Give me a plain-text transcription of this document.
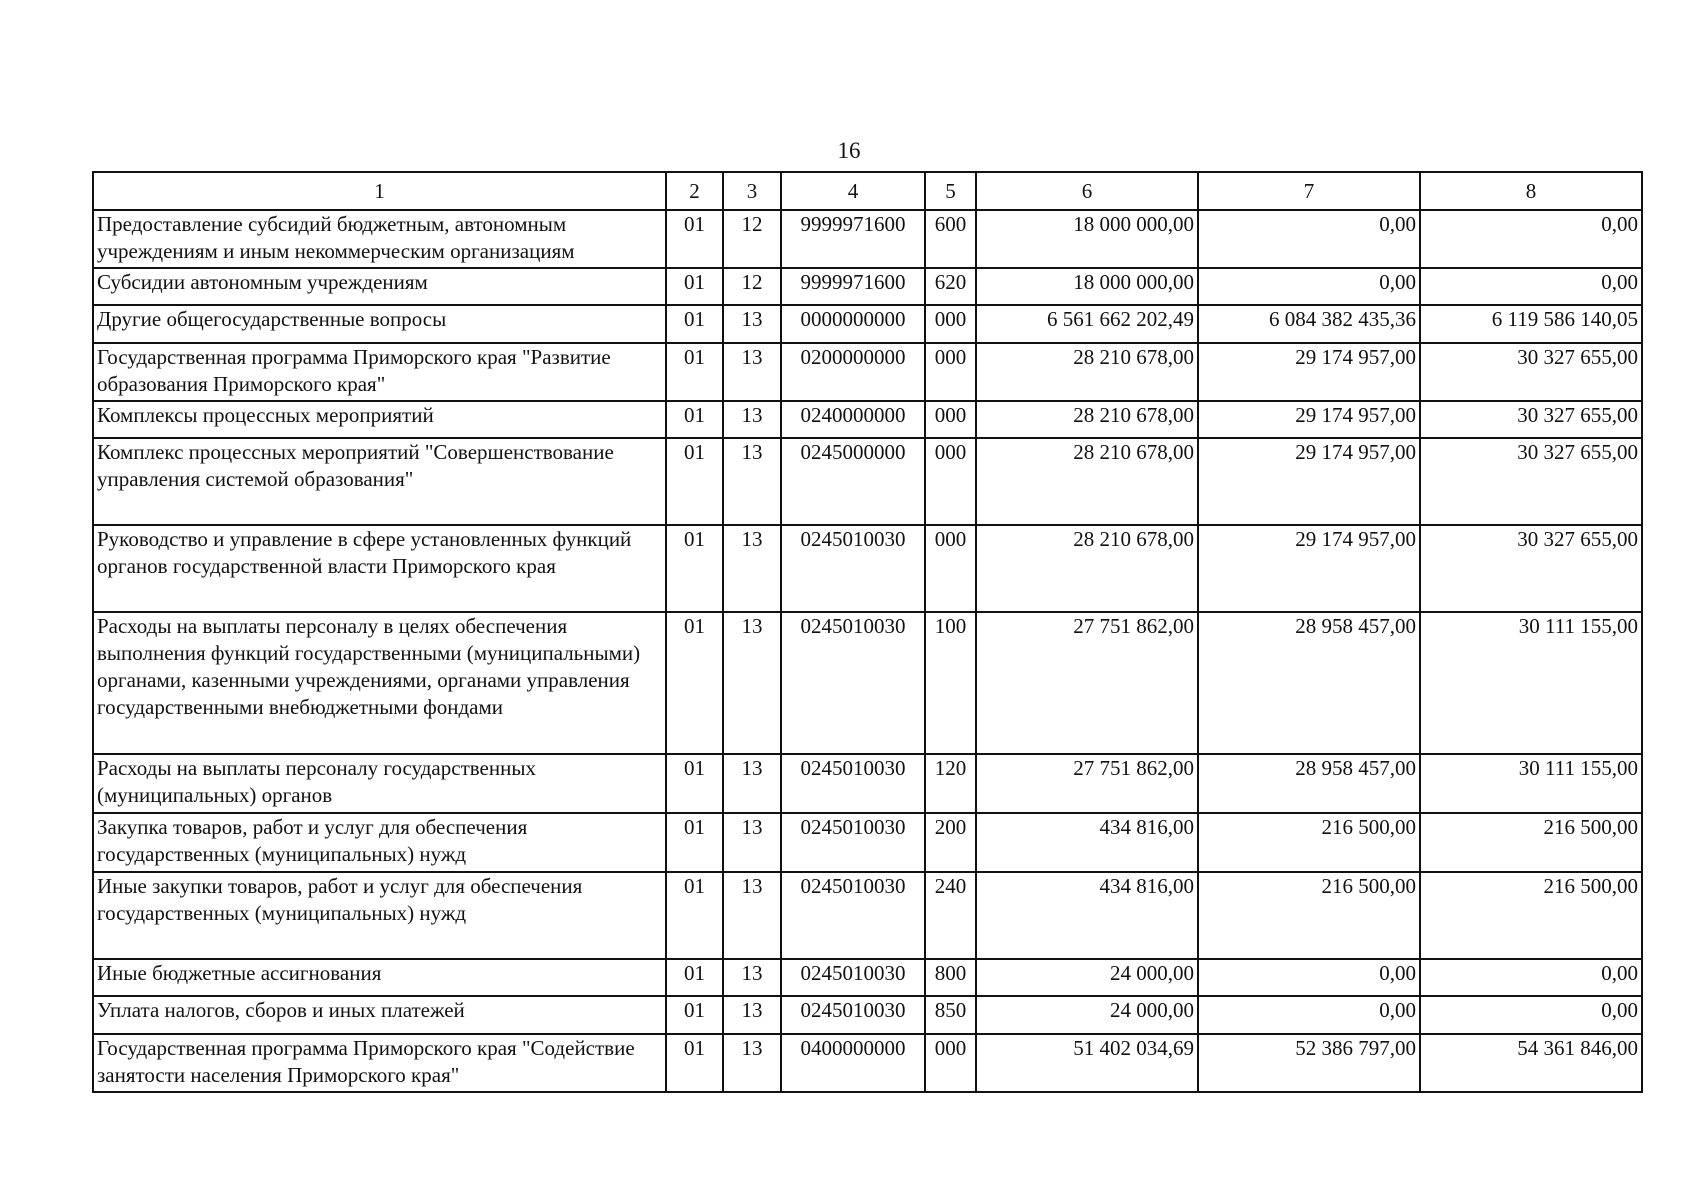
16
1	2	3	4	5	6	7	8
Предоставление субсидий бюджетным, автономным учреждениям и иным некоммерческим организациям	01	12	9999971600	600	18 000 000,00	0,00	0,00
Субсидии автономным учреждениям	01	12	9999971600	620	18 000 000,00	0,00	0,00
Другие общегосударственные вопросы	01	13	0000000000	000	6 561 662 202,49	6 084 382 435,36	6 119 586 140,05
Государственная программа Приморского края "Развитие образования Приморского края"	01	13	0200000000	000	28 210 678,00	29 174 957,00	30 327 655,00
Комплексы процессных мероприятий	01	13	0240000000	000	28 210 678,00	29 174 957,00	30 327 655,00
Комплекс процессных мероприятий "Совершенствование управления системой образования"	01	13	0245000000	000	28 210 678,00	29 174 957,00	30 327 655,00
Руководство и управление в сфере установленных функций органов государственной власти Приморского края	01	13	0245010030	000	28 210 678,00	29 174 957,00	30 327 655,00
Расходы на выплаты персоналу в целях обеспечения выполнения функций государственными (муниципальными) органами, казенными учреждениями, органами управления государственными внебюджетными фондами	01	13	0245010030	100	27 751 862,00	28 958 457,00	30 111 155,00
Расходы на выплаты персоналу государственных (муниципальных) органов	01	13	0245010030	120	27 751 862,00	28 958 457,00	30 111 155,00
Закупка товаров, работ и услуг для обеспечения государственных (муниципальных) нужд	01	13	0245010030	200	434 816,00	216 500,00	216 500,00
Иные закупки товаров, работ и услуг для обеспечения государственных (муниципальных) нужд	01	13	0245010030	240	434 816,00	216 500,00	216 500,00
Иные бюджетные ассигнования	01	13	0245010030	800	24 000,00	0,00	0,00
Уплата налогов, сборов и иных платежей	01	13	0245010030	850	24 000,00	0,00	0,00
Государственная программа Приморского края "Содействие занятости населения Приморского края"	01	13	0400000000	000	51 402 034,69	52 386 797,00	54 361 846,00
